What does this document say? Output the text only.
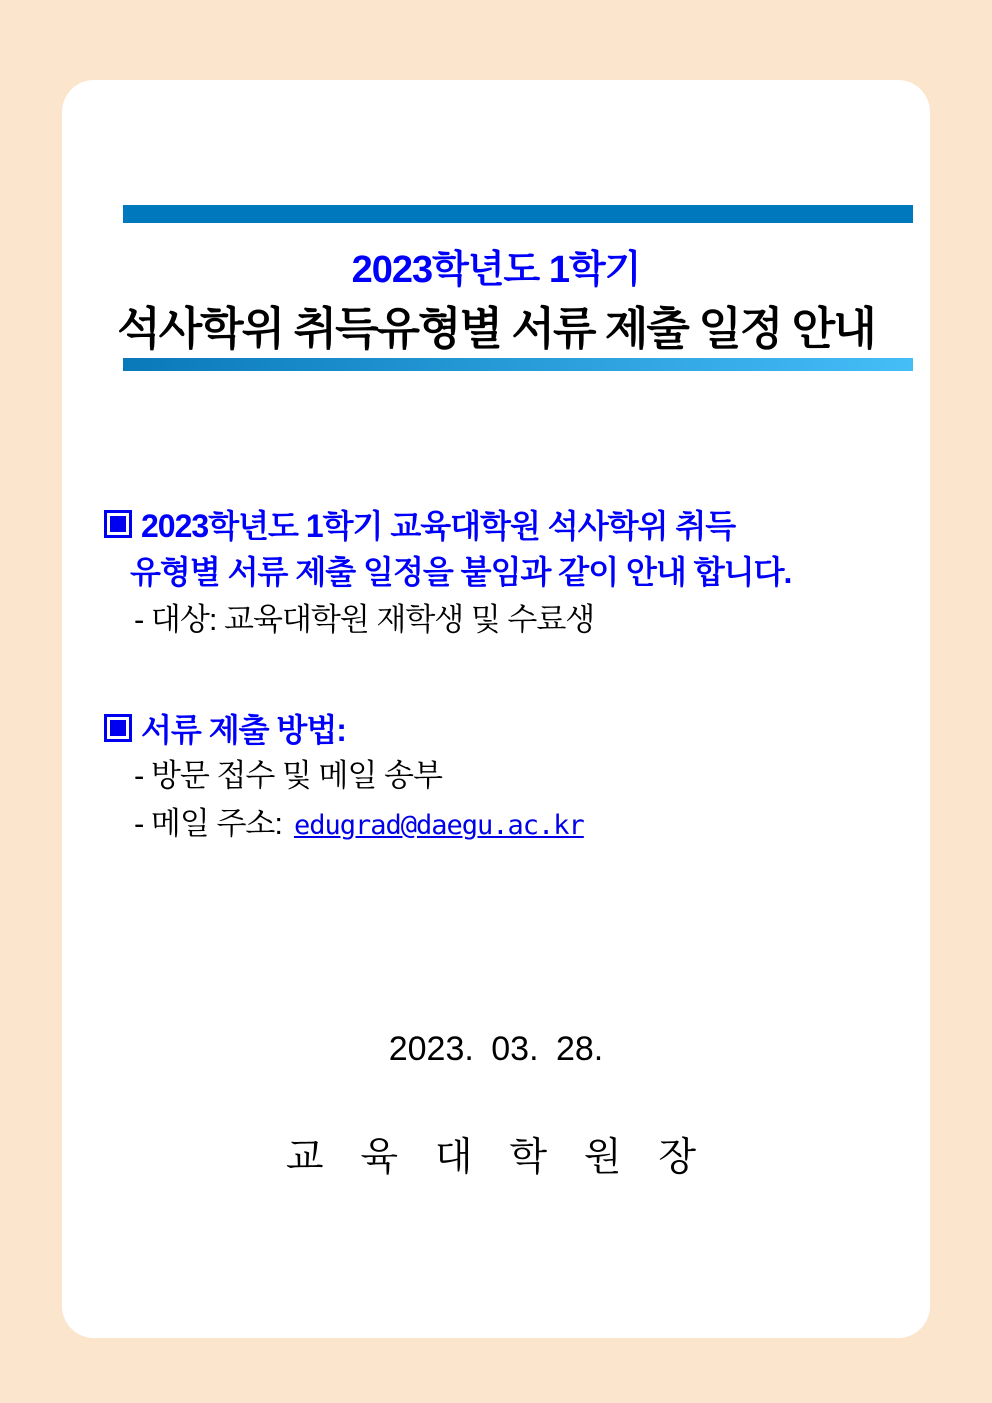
2023학년도 1학기
석사학위 취득유형별 서류 제출 일정 안내
2023학년도 1학기 교육대학원 석사학위 취득
유형별 서류 제출 일정을 붙임과 같이 안내 합니다.
- 대상: 교육대학원 재학생 및 수료생
서류 제출 방법:
- 방문 접수 및 메일 송부
- 메일 주소: edugrad@daegu.ac.kr
2023. 03. 28.
교 육 대 학 원 장
